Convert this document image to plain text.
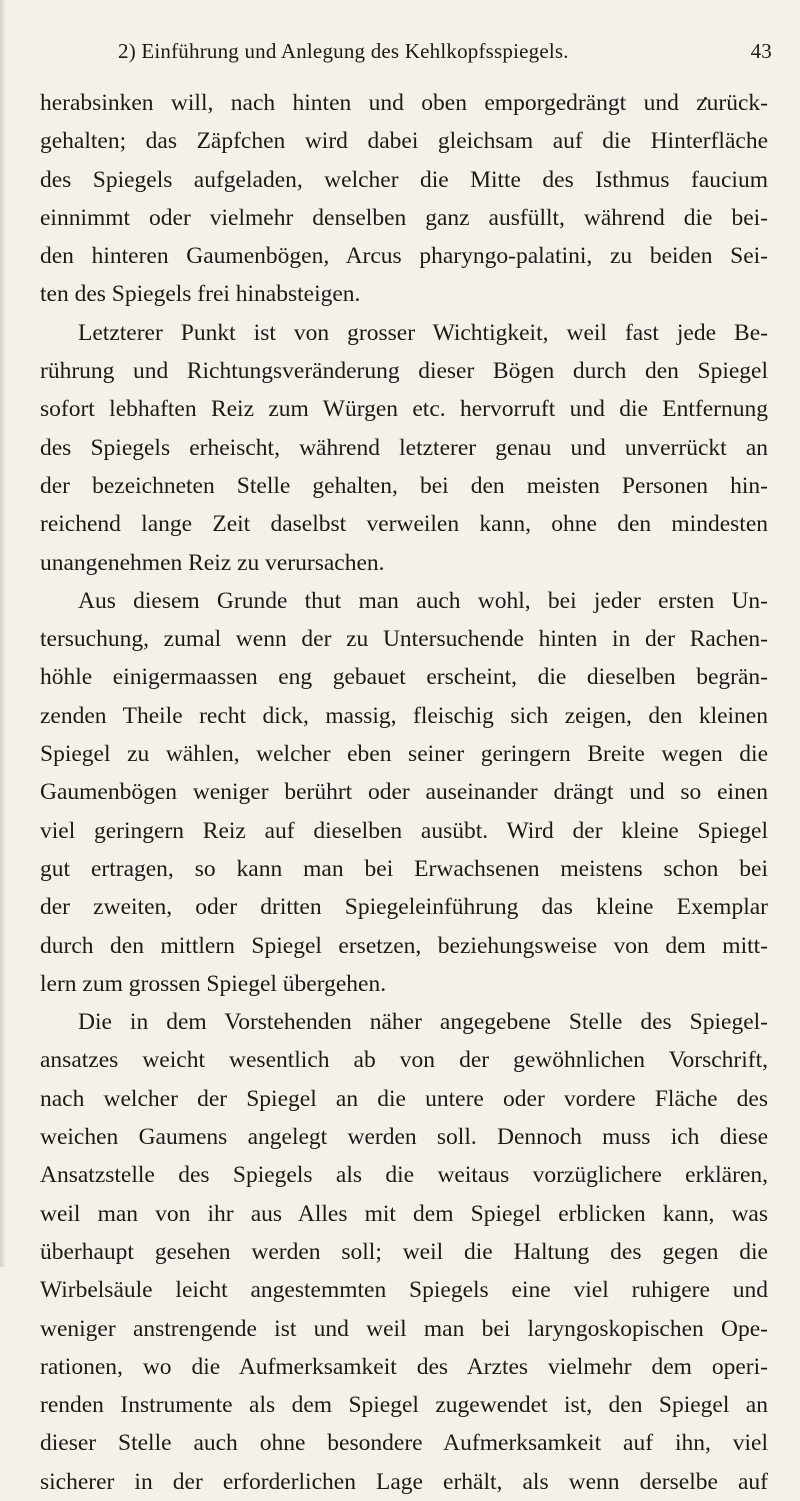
2) Einführung und Anlegung des Kehlkopfsspiegels.	43
herabsinken will, nach hinten und oben emporgedrängt und zurück-
gehalten; das Zäpfchen wird dabei gleichsam auf die Hinterfläche
des Spiegels aufgeladen, welcher die Mitte des Isthmus faucium
einnimmt oder vielmehr denselben ganz ausfüllt, während die bei-
den hinteren Gaumenbögen, Arcus pharyngo-palatini, zu beiden Sei-
ten des Spiegels frei hinabsteigen.
Letzterer Punkt ist von grosser Wichtigkeit, weil fast jede Be-
rührung und Richtungsveränderung dieser Bögen durch den Spiegel
sofort lebhaften Reiz zum Würgen etc. hervorruft und die Entfernung
des Spiegels erheischt, während letzterer genau und unverrückt an
der bezeichneten Stelle gehalten, bei den meisten Personen hin-
reichend lange Zeit daselbst verweilen kann, ohne den mindesten
unangenehmen Reiz zu verursachen.
Aus diesem Grunde thut man auch wohl, bei jeder ersten Un-
tersuchung, zumal wenn der zu Untersuchende hinten in der Rachen-
höhle einigermaassen eng gebauet erscheint, die dieselben begrän-
zenden Theile recht dick, massig, fleischig sich zeigen, den kleinen
Spiegel zu wählen, welcher eben seiner geringern Breite wegen die
Gaumenbögen weniger berührt oder auseinander drängt und so einen
viel geringern Reiz auf dieselben ausübt. Wird der kleine Spiegel
gut ertragen, so kann man bei Erwachsenen meistens schon bei
der zweiten, oder dritten Spiegeleinführung das kleine Exemplar
durch den mittlern Spiegel ersetzen, beziehungsweise von dem mitt-
lern zum grossen Spiegel übergehen.
Die in dem Vorstehenden näher angegebene Stelle des Spiegel-
ansatzes weicht wesentlich ab von der gewöhnlichen Vorschrift,
nach welcher der Spiegel an die untere oder vordere Fläche des
weichen Gaumens angelegt werden soll. Dennoch muss ich diese
Ansatzstelle des Spiegels als die weitaus vorzüglichere erklären,
weil man von ihr aus Alles mit dem Spiegel erblicken kann, was
überhaupt gesehen werden soll; weil die Haltung des gegen die
Wirbelsäule leicht angestemmten Spiegels eine viel ruhigere und
weniger anstrengende ist und weil man bei laryngoskopischen Ope-
rationen, wo die Aufmerksamkeit des Arztes vielmehr dem operi-
renden Instrumente als dem Spiegel zugewendet ist, den Spiegel an
dieser Stelle auch ohne besondere Aufmerksamkeit auf ihn, viel
sicherer in der erforderlichen Lage erhält, als wenn derselbe auf
